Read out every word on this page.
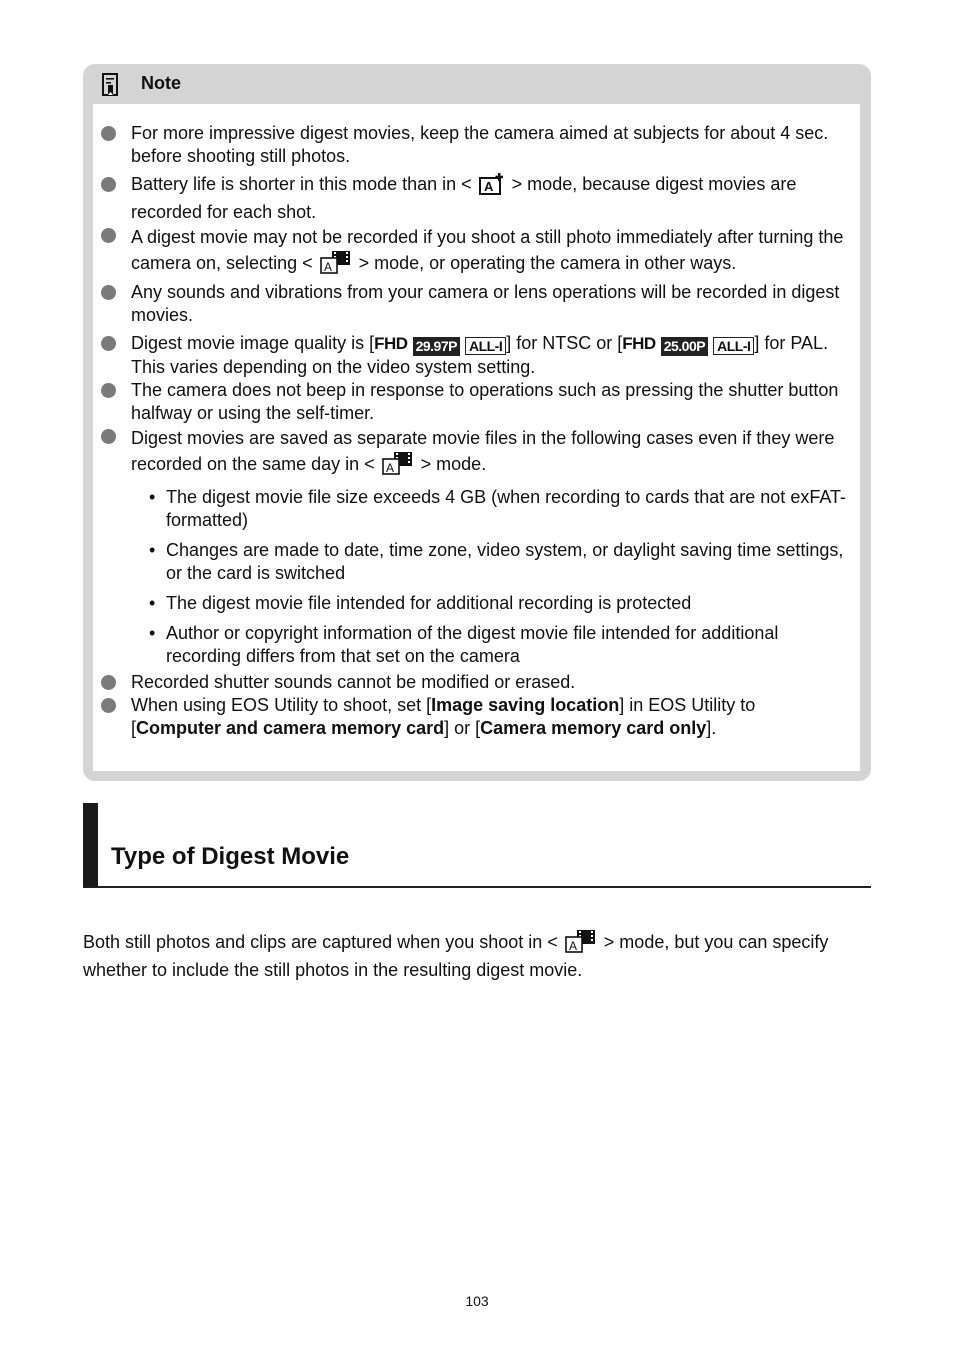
Note
For more impressive digest movies, keep the camera aimed at subjects for about 4 sec. before shooting still photos.
Battery life is shorter in this mode than in < A > mode, because digest movies are recorded for each shot.
A digest movie may not be recorded if you shoot a still photo immediately after turning the camera on, selecting < A > mode, or operating the camera in other ways.
Any sounds and vibrations from your camera or lens operations will be recorded in digest movies.
Digest movie image quality is [FHD 29.97P ALL-I ] for NTSC or [FHD 25.00P ALL-I ] for PAL. This varies depending on the video system setting.
The camera does not beep in response to operations such as pressing the shutter button halfway or using the self-timer.
Digest movies are saved as separate movie files in the following cases even if they were recorded on the same day in < A > mode.
• The digest movie file size exceeds 4 GB (when recording to cards that are not exFAT-formatted)
• Changes are made to date, time zone, video system, or daylight saving time settings, or the card is switched
• The digest movie file intended for additional recording is protected
• Author or copyright information of the digest movie file intended for additional recording differs from that set on the camera
Recorded shutter sounds cannot be modified or erased.
When using EOS Utility to shoot, set [Image saving location] in EOS Utility to [Computer and camera memory card] or [Camera memory card only].
Type of Digest Movie
Both still photos and clips are captured when you shoot in < A > mode, but you can specify whether to include the still photos in the resulting digest movie.
103
